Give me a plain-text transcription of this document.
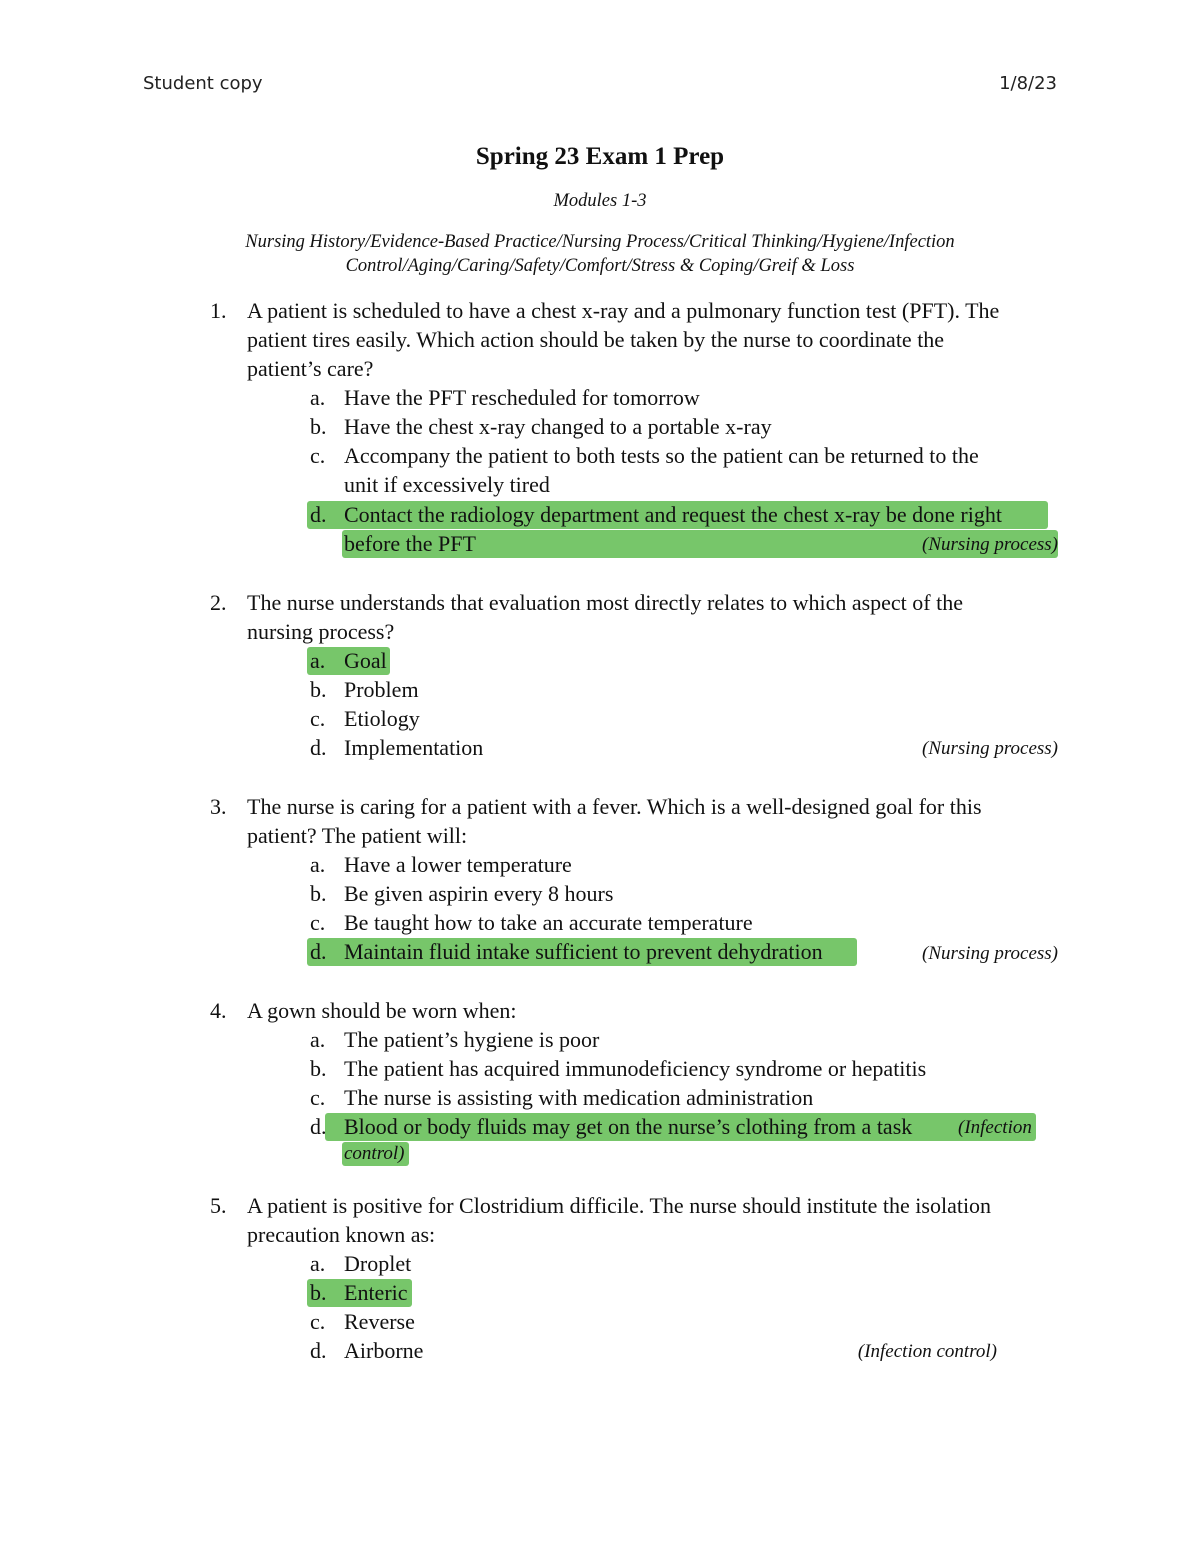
Student copy	1/8/23
Spring 23 Exam 1 Prep
Modules 1-3
Nursing History/Evidence-Based Practice/Nursing Process/Critical Thinking/Hygiene/Infection
Control/Aging/Caring/Safety/Comfort/Stress & Coping/Greif & Loss
1. A patient is scheduled to have a chest x-ray and a pulmonary function test (PFT). The
patient tires easily. Which action should be taken by the nurse to coordinate the
patient’s care?
a. Have the PFT rescheduled for tomorrow
b. Have the chest x-ray changed to a portable x-ray
c. Accompany the patient to both tests so the patient can be returned to the
unit if excessively tired
d. Contact the radiology department and request the chest x-ray be done right
before the PFT	(Nursing process)
2. The nurse understands that evaluation most directly relates to which aspect of the
nursing process?
a. Goal
b. Problem
c. Etiology
d. Implementation	(Nursing process)
3. The nurse is caring for a patient with a fever. Which is a well-designed goal for this
patient? The patient will:
a. Have a lower temperature
b. Be given aspirin every 8 hours
c. Be taught how to take an accurate temperature
d. Maintain fluid intake sufficient to prevent dehydration	(Nursing process)
4. A gown should be worn when:
a. The patient’s hygiene is poor
b. The patient has acquired immunodeficiency syndrome or hepatitis
c. The nurse is assisting with medication administration
d. Blood or body fluids may get on the nurse’s clothing from a task (Infection
control)
5. A patient is positive for Clostridium difficile. The nurse should institute the isolation
precaution known as:
a. Droplet
b. Enteric
c. Reverse
d. Airborne	(Infection control)
